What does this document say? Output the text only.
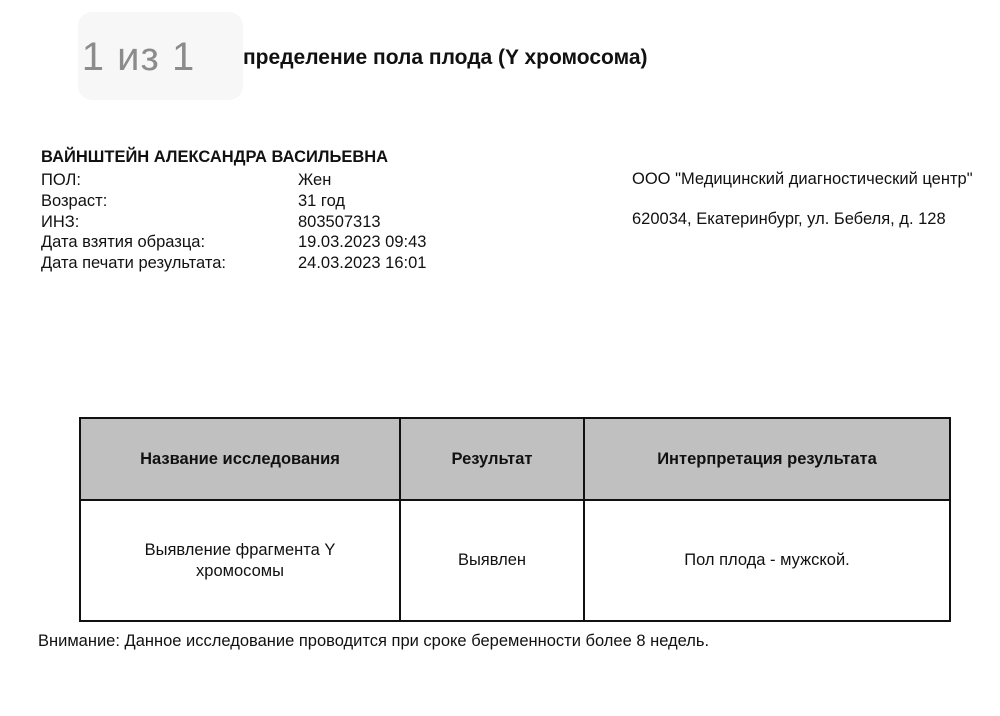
1 из 1	пределение пола плода (Y хромосома)
ВАЙНШТЕЙН АЛЕКСАНДРА ВАСИЛЬЕВНА
ПОЛ:	Жен
Возраст:	31 год
ИНЗ:	803507313
Дата взятия образца:	19.03.2023 09:43
Дата печати результата:	24.03.2023 16:01
ООО "Медицинский диагностический центр"
620034, Екатеринбург, ул. Бебеля, д. 128
Название исследования	Результат	Интерпретация результата

Выявление фрагмента Y
хромосомы	Выявлен	Пол плода - мужской.
Внимание: Данное исследование проводится при сроке беременности более 8 недель.
